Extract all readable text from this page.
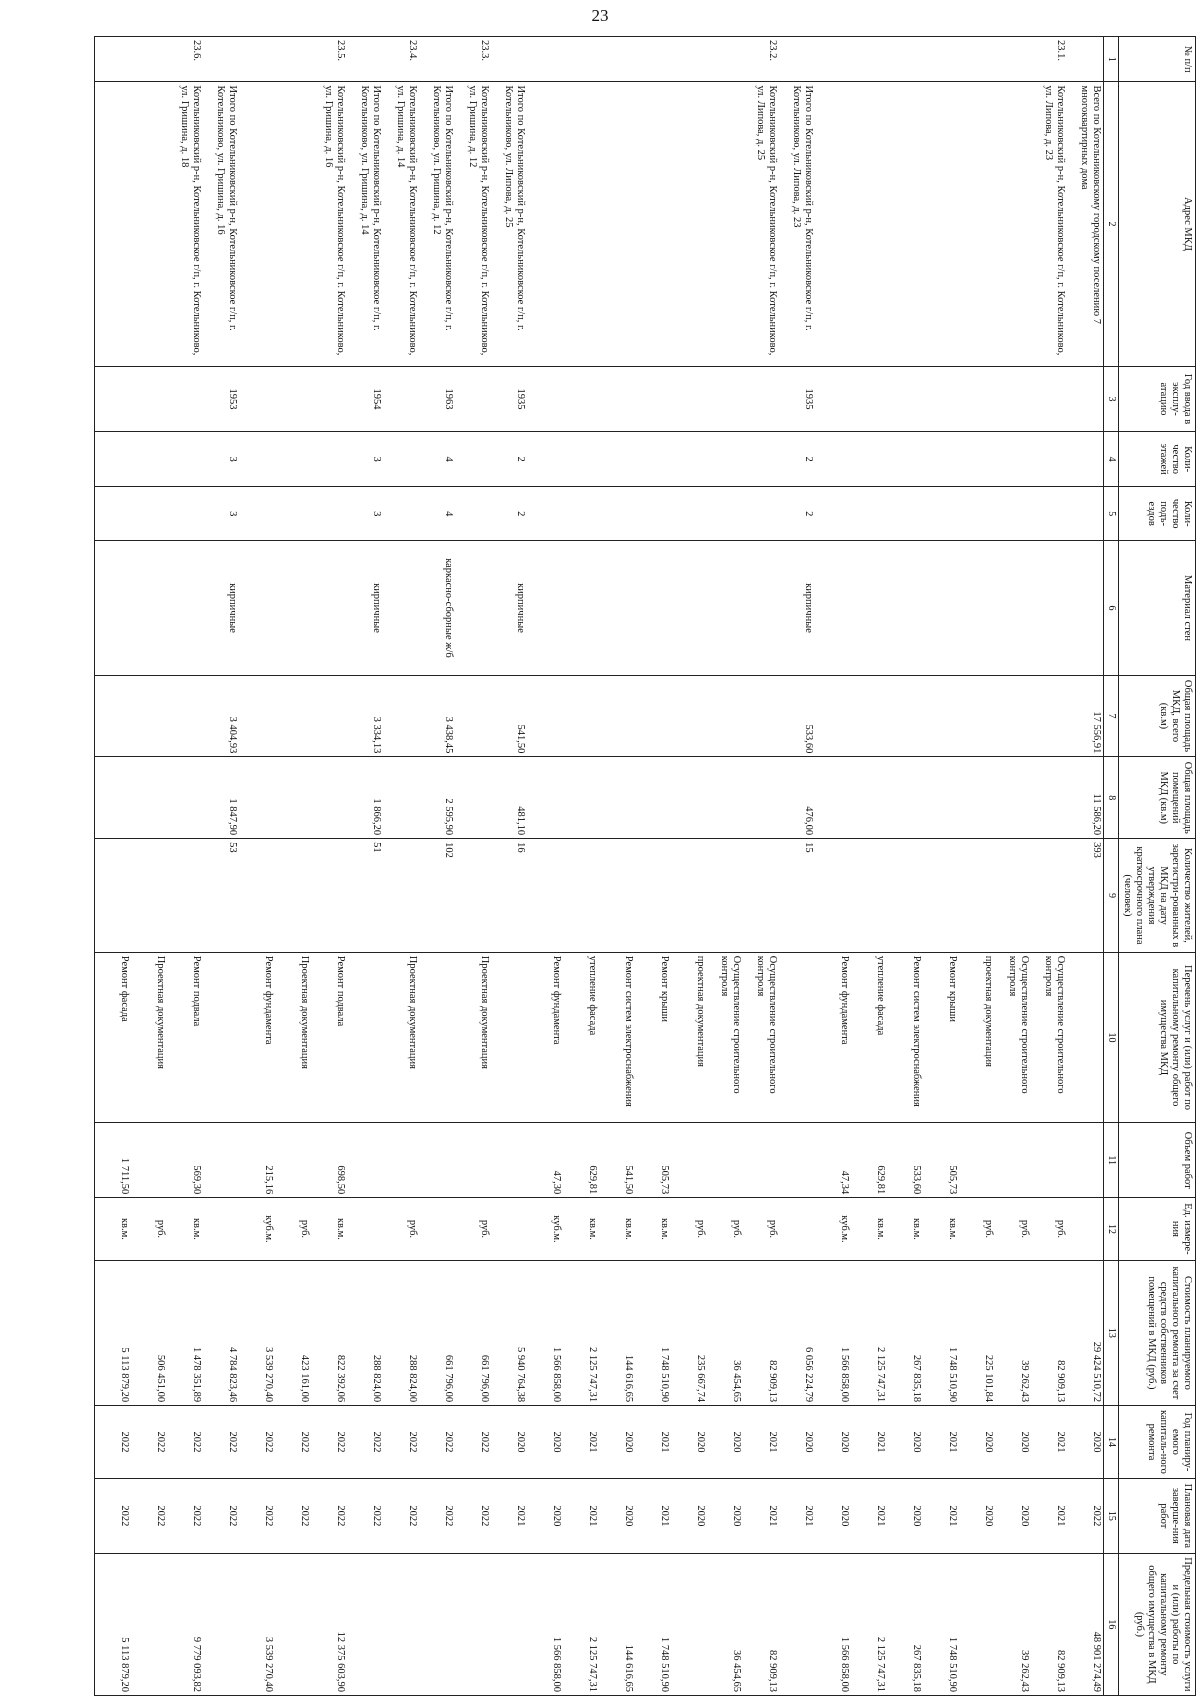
23
№ п/п	Адрес МКД	Год ввода в эксплу-атацию	Коли-чество этажей	Коли-чество подъ-ездов	Материал стен	Общая площадь МКД, всего (кв.м)	Общая площадь помещений МКД (кв.м)	Количество жителей, зарегистри-рованных в МКД на дату утверждения краткосрочного плана (человек)	Перечень услуг и (или) работ по капитальному ремонту общего имущества МКД	Объем работ	Ед. измере-ния	Стоимость планируемого капитального ремонта за счет средств собственников помещений в МКД (руб.)	Год планиру-емого капиталь-ного ремонта	Плановая дата заверше-ния работ	Предельная стоимость услуги и (или) работы по капитальному ремонту общего имущества в МКД (руб.)
1	2	3	4	5	6	7	8	9	10	11	12	13	14	15	16
	Всего по Котельниковскому городскому поселению 7 многоквартирных дома					17 556,91	11 586,20	393				29 424 510,72	2020	2022	48 901 274,49
23.1.	Котельниковский р-н, Котельниковское г/п, г. Котельниково, ул. Липова, д. 23								Осуществление строительного контроля		руб.	82 909,13	2021	2021	82 909,13
									Осуществление строительного контроля		руб.	39 262,43	2020	2020	39 262,43
									проектная документация		руб.	225 101,84	2020	2020	
									Ремонт крыши	505,73	кв.м.	1 748 510,90	2021	2021	1 748 510,90
									Ремонт систем электроснабжения	533,60	кв.м.	267 835,18	2020	2020	267 835,18
									утепление фасада	629,81	кв.м.	2 125 747,31	2021	2021	2 125 747,31
									Ремонт фундамента	47,34	куб.м.	1 566 858,00	2020	2020	1 566 858,00
	Итого по Котельниковский р-н, Котельниковское г/п, г. Котельниково, ул. Липова, д. 23	1935	2	2	кирпичные	533,60	476,00	15				6 056 224,79	2020	2021	
23.2.	Котельниковский р-н, Котельниковское г/п, г. Котельниково, ул. Липова, д. 25								Осуществление строительного контроля		руб.	82 909,13	2021	2021	82 909,13
									Осуществление строительного контроля		руб.	36 454,65	2020	2020	36 454,65
									проектная документация		руб.	235 667,74	2020	2020	
									Ремонт крыши	505,73	кв.м.	1 748 510,90	2021	2021	1 748 510,90
									Ремонт систем электроснабжения	541,50	кв.м.	144 616,65	2020	2020	144 616,65
									утепление фасада	629,81	кв.м.	2 125 747,31	2021	2021	2 125 747,31
									Ремонт фундамента	47,30	куб.м.	1 566 858,00	2020	2020	1 566 858,00
	Итого по Котельниковский р-н, Котельниковское г/п, г. Котельниково, ул. Липова, д. 25	1935	2	2	кирпичные	541,50	481,10	16				5 940 764,38	2020	2021	
23.3.	Котельниковский р-н, Котельниковское г/п, г. Котельниково, ул. Гришина, д. 12								Проектная документация		руб.	661 796,00	2022	2022	
	Итого по Котельниковский р-н, Котельниковское г/п, г. Котельниково, ул. Гришина, д. 12	1963	4	4	каркасно-сборные ж/б	3 438,45	2 595,90	102				661 796,00	2022	2022	
23.4.	Котельниковский р-н, Котельниковское г/п, г. Котельниково, ул. Гришина, д. 14								Проектная документация		руб.	288 824,00	2022	2022	
	Итого по Котельниковский р-н, Котельниковское г/п, г. Котельниково, ул. Гришина, д. 14	1954	3	3	кирпичные	3 334,13	1 866,20	51				288 824,00	2022	2022	
23.5.	Котельниковский р-н, Котельниковское г/п, г. Котельниково, ул. Гришина, д. 16								Ремонт подвала	698,50	кв.м.	822 392,06	2022	2022	12 375 603,90
									Проектная документация		руб.	423 161,00	2022	2022	
									Ремонт фундамента	215,16	куб.м.	3 539 270,40	2022	2022	3 539 270,40
	Итого по Котельниковский р-н, Котельниковское г/п, г. Котельниково, ул. Гришина, д. 16	1953	3	3	кирпичные	3 404,93	1 847,90	53				4 784 823,46	2022	2022	
23.6.	Котельниковский р-н, Котельниковское г/п, г. Котельниково, ул. Гришина, д. 18								Ремонт подвала	569,30	кв.м.	1 478 351,89	2022	2022	9 779 093,82
									Проектная документация		руб.	506 451,00	2022	2022	
									Ремонт фасада	1 711,50	кв.м.	5 113 879,20	2022	2022	5 113 879,20
